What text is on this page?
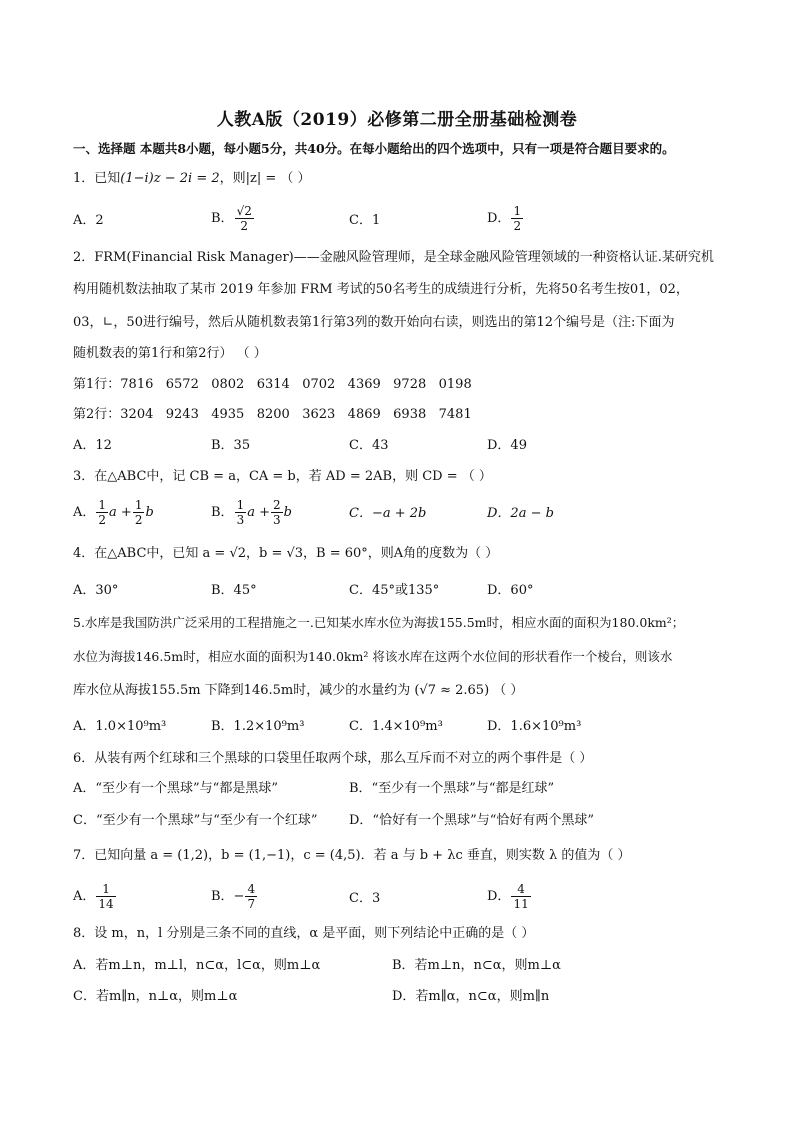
人教A版（2019）必修第二册全册基础检测卷
一、选择题 本题共8小题，每小题5分，共40分。在每小题给出的四个选项中，只有一项是符合题目要求的。
1．已知(1−i)z − 2i = 2，则|z| = （ ）
A．2	B． $\frac{√2}{2}$	C．1	D． $\frac{1}{2}$
2．FRM(Financial Risk Manager)——金融风险管理师，是全球金融风险管理领域的一种资格认证.某研究机
构用随机数法抽取了某市 2019 年参加 FRM 考试的50名考生的成绩进行分析，先将50名考生按01，02，
03，∟，50进行编号，然后从随机数表第1行第3列的数开始向右读，则选出的第12个编号是（注:下面为
随机数表的第1行和第2行） （ ）
第1行：7816   6572   0802   6314   0702   4369   9728   0198
第2行：3204   9243   4935   8200   3623   4869   6938   7481
A．12	B．35	C．43	D．49
3．在△ABC中，记 CB = a，CA = b，若 AD = 2AB，则 CD = （ ）
A． $\frac{1}{2}$ $a + \frac{1}{2}$ b	B． $\frac{1}{3}$ $a + \frac{2}{3}$ b	C．−a + 2b	D．2a − b
4．在△ABC中，已知 a = √2，b = √3，B = 60°，则A角的度数为（ ）
A．30°	B．45°	C．45°或135°	D．60°
5.水库是我国防洪广泛采用的工程措施之一.已知某水库水位为海拔155.5m时，相应水面的面积为180.0km²；
水位为海拔146.5m时，相应水面的面积为140.0km² 将该水库在这两个水位间的形状看作一个棱台，则该水
库水位从海拔155.5m 下降到146.5m时，减少的水量约为 (√7 ≈ 2.65) （ ）
A．1.0×10⁹m³	B．1.2×10⁹m³	C．1.4×10⁹m³	D．1.6×10⁹m³
6．从装有两个红球和三个黑球的口袋里任取两个球，那么互斥而不对立的两个事件是（ ）
A．“至少有一个黑球”与“都是黑球”	B．“至少有一个黑球”与“都是红球”
C．“至少有一个黑球”与“至少有一个红球” D．“恰好有一个黑球”与“恰好有两个黑球”
7．已知向量 a = (1,2)，b = (1,−1)，c = (4,5)．若 a 与 b + λc 垂直，则实数 λ 的值为（ ）
A． $\frac{1}{14}$	B．− $\frac{4}{7}$	C．3	D． $\frac{4}{11}$
8．设 m，n，l 分别是三条不同的直线，α 是平面，则下列结论中正确的是（ ）
A．若m⊥n，m⊥l，n⊂α，l⊂α，则m⊥α	B．若m⊥n，n⊂α，则m⊥α
C．若m∥n，n⊥α，则m⊥α	D．若m∥α，n⊂α，则m∥n
